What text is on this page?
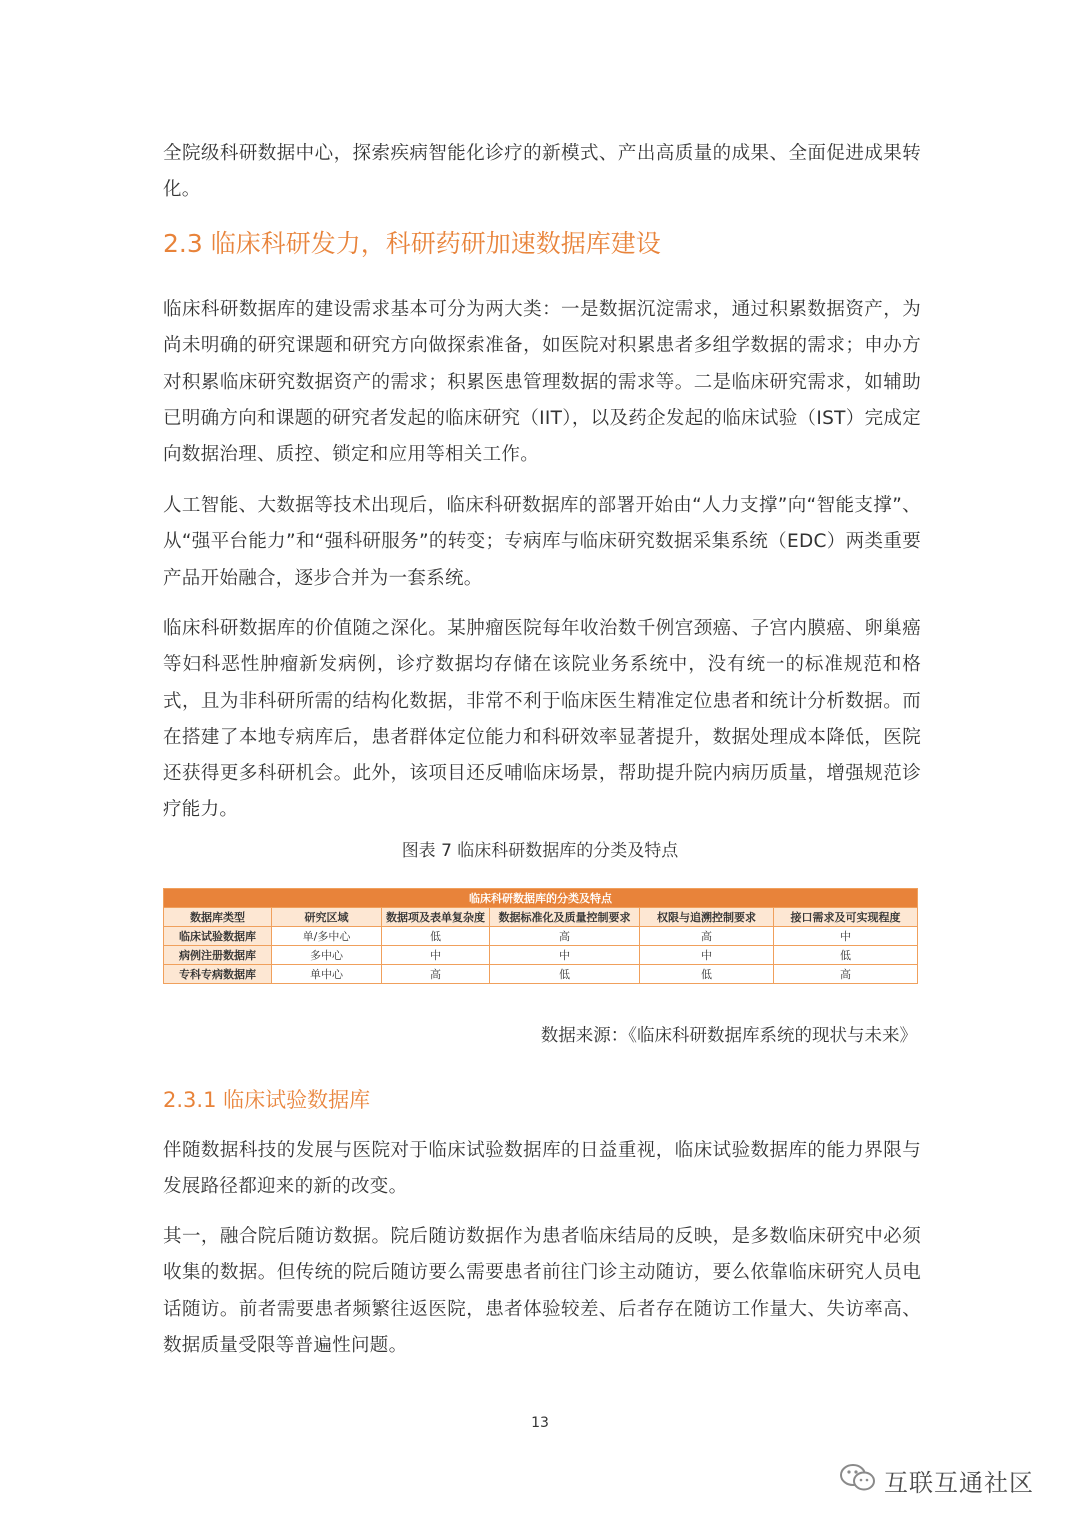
全院级科研数据中心，探索疾病智能化诊疗的新模式、产出高质量的成果、全面促进成果转化。

2.3 临床科研发力，科研药研加速数据库建设

临床科研数据库的建设需求基本可分为两大类：一是数据沉淀需求，通过积累数据资产，为尚未明确的研究课题和研究方向做探索准备，如医院对积累患者多组学数据的需求；申办方对积累临床研究数据资产的需求；积累医患管理数据的需求等。二是临床研究需求，如辅助已明确方向和课题的研究者发起的临床研究（IIT），以及药企发起的临床试验（IST）完成定向数据治理、质控、锁定和应用等相关工作。

人工智能、大数据等技术出现后，临床科研数据库的部署开始由“人力支撑”向“智能支撑”、从“强平台能力”和“强科研服务”的转变；专病库与临床研究数据采集系统（EDC）两类重要产品开始融合，逐步合并为一套系统。

临床科研数据库的价值随之深化。某肿瘤医院每年收治数千例宫颈癌、子宫内膜癌、卵巢癌等妇科恶性肿瘤新发病例，诊疗数据均存储在该院业务系统中，没有统一的标准规范和格式，且为非科研所需的结构化数据，非常不利于临床医生精准定位患者和统计分析数据。而在搭建了本地专病库后，患者群体定位能力和科研效率显著提升，数据处理成本降低，医院还获得更多科研机会。此外，该项目还反哺临床场景，帮助提升院内病历质量，增强规范诊疗能力。

图表 7 临床科研数据库的分类及特点
临床科研数据库的分类及特点					
数据库类型	研究区域	数据项及表单复杂度	数据标准化及质量控制要求	权限与追溯控制要求	接口需求及可实现程度
临床试验数据库	单/多中心	低	高	高	中
病例注册数据库	多中心	中	中	中	低
专科专病数据库	单中心	高	低	低	高
数据来源：《临床科研数据库系统的现状与未来》
2.3.1 临床试验数据库

伴随数据科技的发展与医院对于临床试验数据库的日益重视，临床试验数据库的能力界限与发展路径都迎来的新的改变。

其一，融合院后随访数据。院后随访数据作为患者临床结局的反映，是多数临床研究中必须收集的数据。但传统的院后随访要么需要患者前往门诊主动随访，要么依靠临床研究人员电话随访。前者需要患者频繁往返医院，患者体验较差、后者存在随访工作量大、失访率高、数据质量受限等普遍性问题。

13
互联互通社区
